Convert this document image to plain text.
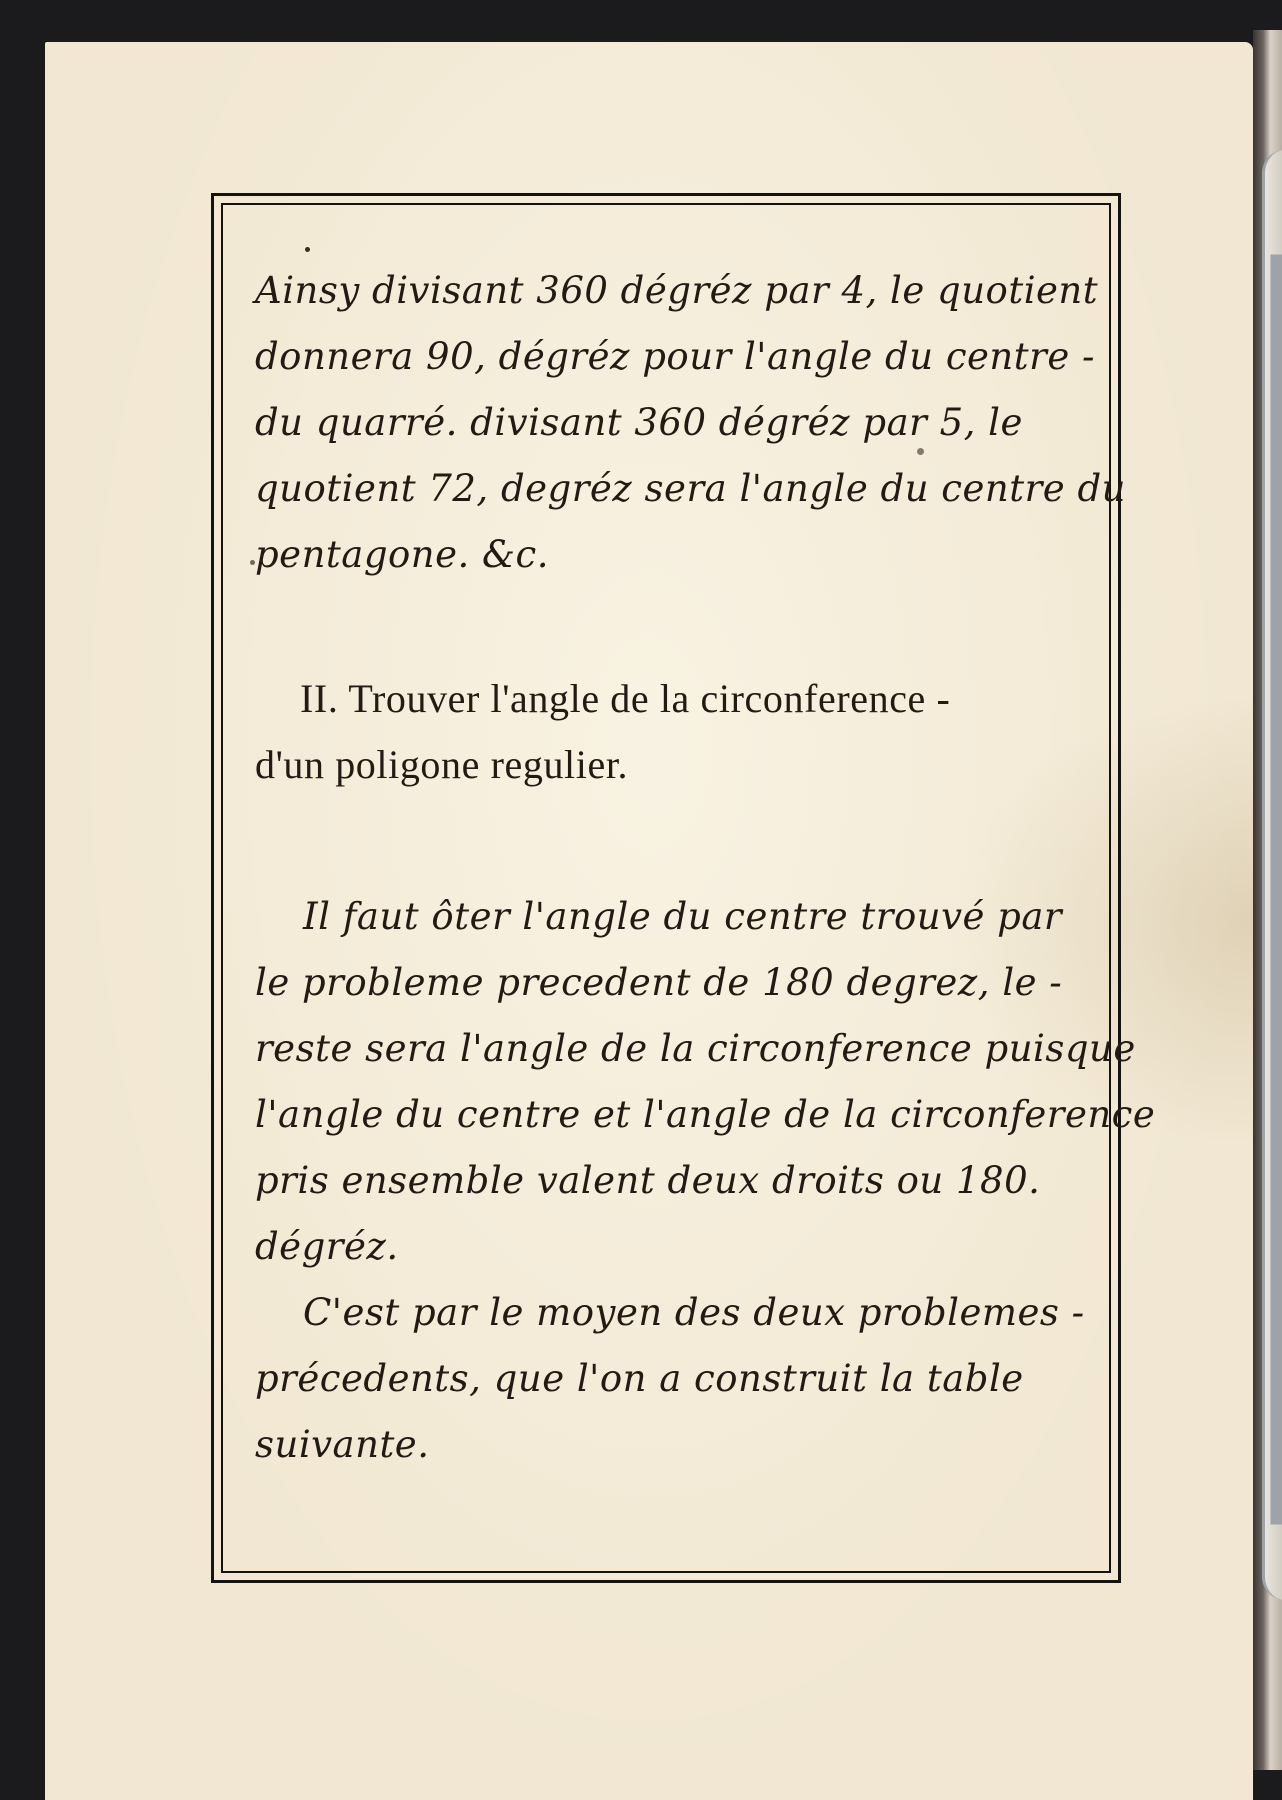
Ainsy divisant 360 dégréz par 4, le quotient
donnera 90, dégréz pour l'angle du centre -
du quarré. divisant 360 dégréz par 5, le
quotient 72, degréz sera l'angle du centre du
pentagone. &c.
II. Trouver l'angle de la circonference -
d'un poligone regulier.
Il faut ôter l'angle du centre trouvé par
le probleme precedent de 180 degrez, le -
reste sera l'angle de la circonference puisque
l'angle du centre et l'angle de la circonference
pris ensemble valent deux droits ou 180.
dégréz.
C'est par le moyen des deux problemes -
précedents, que l'on a construit la table
suivante.
